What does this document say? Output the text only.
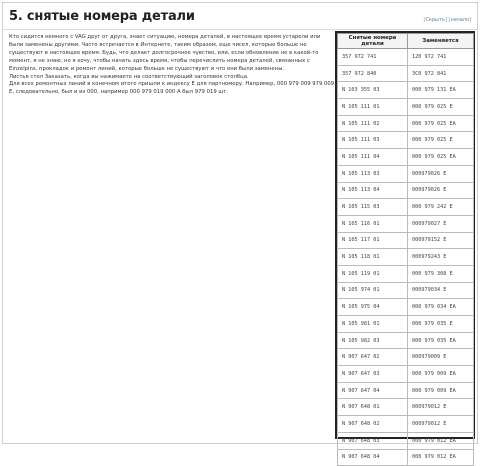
5. снятые номера детали	[Скрыть] [начало]

Кто сидится немного с VAG друг от друга, знает ситуацию, номера деталей, в настоящее время устарели или были заменены другими. Часто встречается в Интернете, таким образом, еще чисел, которые больше не существуют в настоящее время. Будь, что делает долгосрочное чувство, или, если обновление не в какой-то момент, я не знаю, но я хочу, чтобы начать здесь время, чтобы перечислить номера деталей, связанных с Einzelpins, прокладок и ремонт линий, которые больше не существуют и что они были заменены.

Листья стол Заказать, когда вы нажимаете на соответствующий заголовок столбца.

Для всех ремонтных линий в конечном итоге пришли к индексу E для партномеру. Например, 000 979 009 979 009 E, следовательно, был и из 000, например 000 979 019 000 А был 979 019 шт.

Снятые номера детали	Заменяется
357 972 741	120 972 741
357 972 840	3C0 972 841
N 103 355 03	000 979 131 EA
N 105 111 01	000 979 025 E
N 105 111 02	000 979 025 EA
N 105 111 03	000 979 025 E
N 105 111 04	000 979 025 EA
N 105 113 03	000979026 E
N 105 113 04	000979026 E
N 105 115 03	000 979 242 E
N 105 116 01	000979027 E
N 105 117 01	000979152 E
N 105 118 01	000979243 E
N 105 119 01	000 979 308 E
N 105 974 01	000979034 E
N 105 975 04	000 979 034 EA
N 105 981 01	000 979 035 E
N 105 982 03	000 979 035 EA
N 907 647 02	000979009 E
N 907 647 03	000 979 009 EA
N 907 647 04	000 979 009 EA
N 907 648 01	000979012 E
N 907 648 02	000979012 E
N 907 648 03	000 979 012 EA
N 907 648 04	000 979 012 EA
